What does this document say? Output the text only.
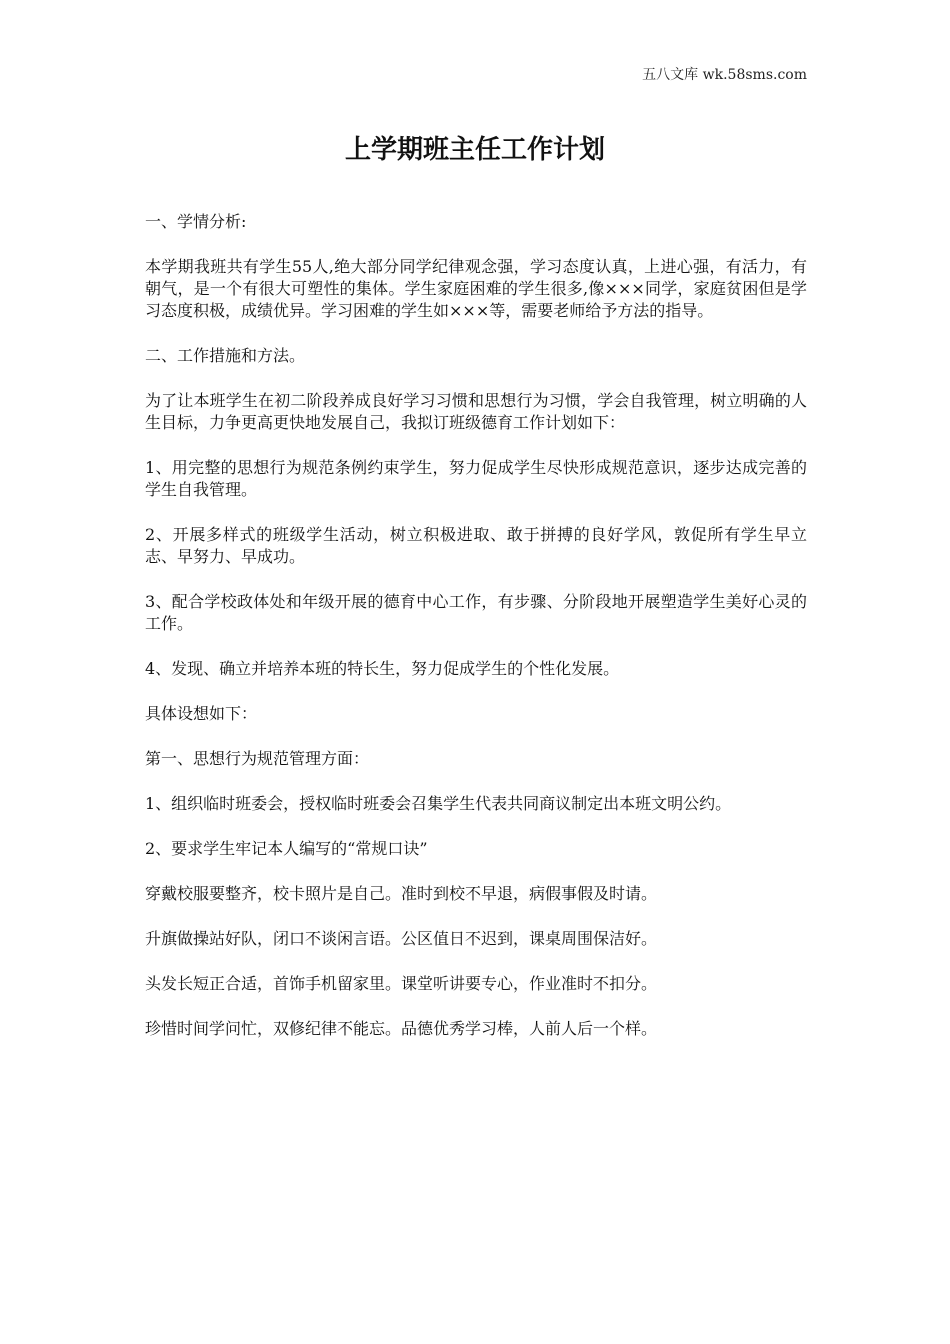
五八文库 wk.58sms.com
上学期班主任工作计划

一、学情分析:

本学期我班共有学生55人,绝大部分同学纪律观念强，学习态度认真，上进心强，有活力，有朝气，是一个有很大可塑性的集体。学生家庭困难的学生很多,像×××同学，家庭贫困但是学习态度积极，成绩优异。学习困难的学生如×××等，需要老师给予方法的指导。

二、工作措施和方法。

为了让本班学生在初二阶段养成良好学习习惯和思想行为习惯，学会自我管理，树立明确的人生目标，力争更高更快地发展自己，我拟订班级德育工作计划如下：

1、用完整的思想行为规范条例约束学生，努力促成学生尽快形成规范意识，逐步达成完善的学生自我管理。

2、开展多样式的班级学生活动，树立积极进取、敢于拼搏的良好学风，敦促所有学生早立志、早努力、早成功。

3、配合学校政体处和年级开展的德育中心工作，有步骤、分阶段地开展塑造学生美好心灵的工作。

4、发现、确立并培养本班的特长生，努力促成学生的个性化发展。

具体设想如下：

第一、思想行为规范管理方面：

1、组织临时班委会，授权临时班委会召集学生代表共同商议制定出本班文明公约。

2、要求学生牢记本人编写的“常规口诀”

穿戴校服要整齐，校卡照片是自己。准时到校不早退，病假事假及时请。

升旗做操站好队，闭口不谈闲言语。公区值日不迟到，课桌周围保洁好。

头发长短正合适，首饰手机留家里。课堂听讲要专心，作业准时不扣分。

珍惜时间学问忙，双修纪律不能忘。品德优秀学习棒，人前人后一个样。
